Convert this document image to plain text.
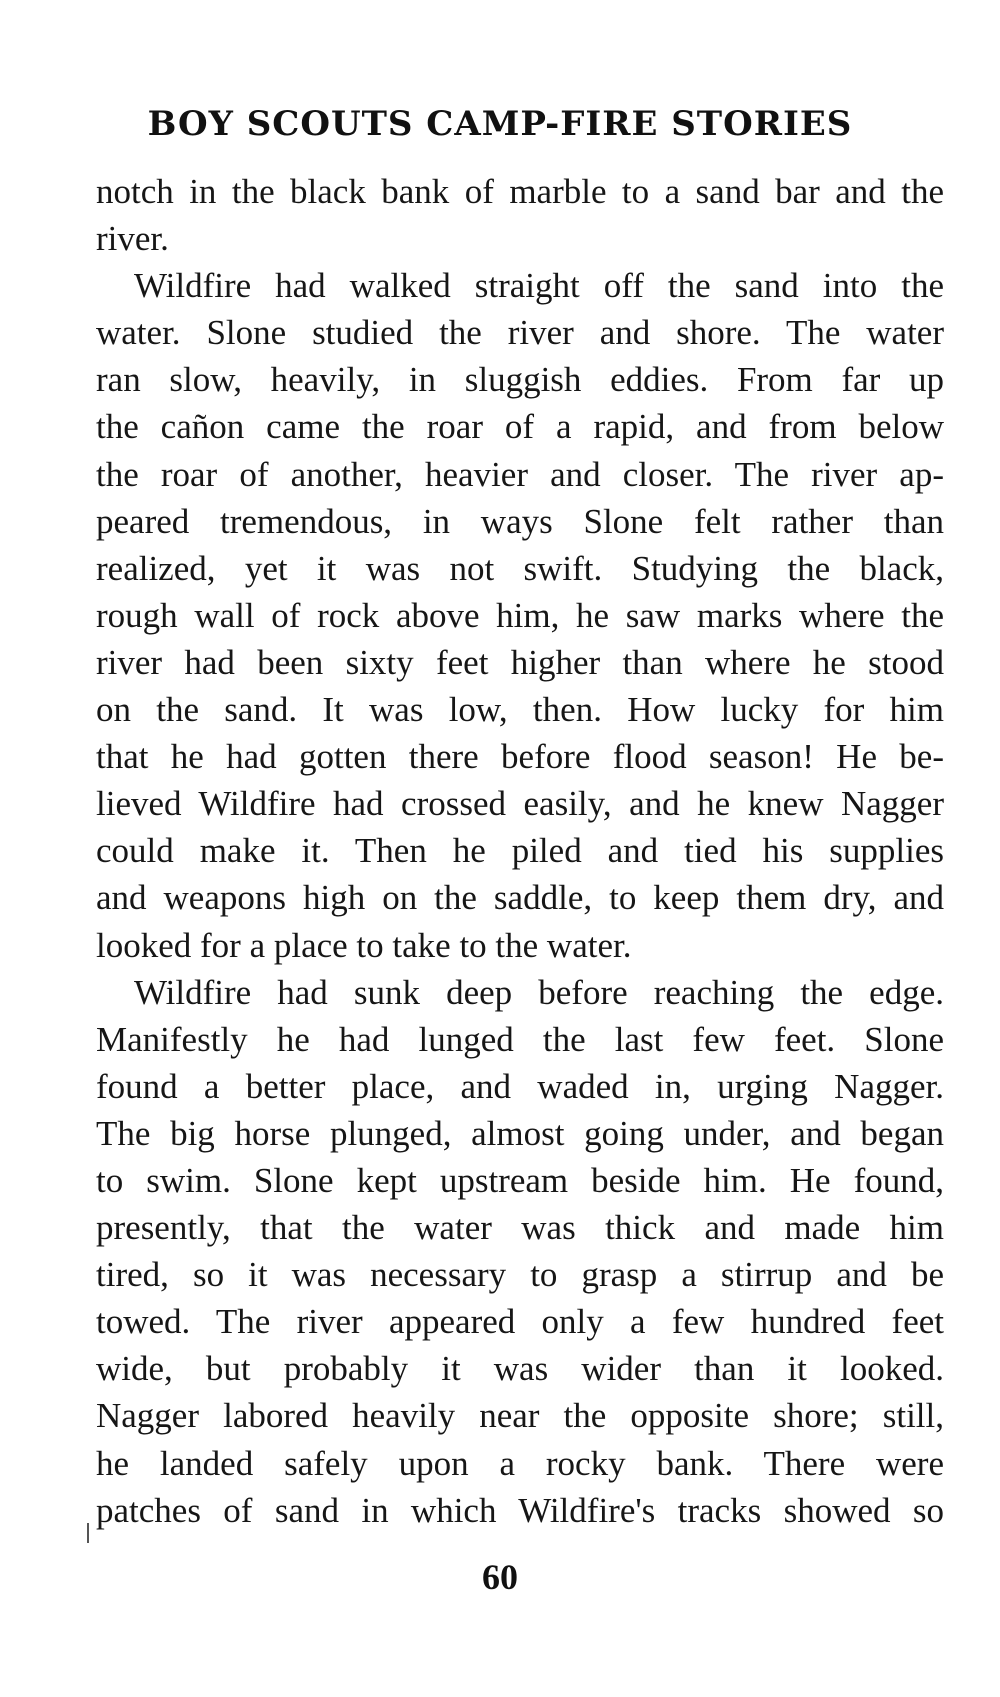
BOY SCOUTS CAMP-FIRE STORIES
notch in the black bank of marble to a sand bar and the
river.
Wildfire had walked straight off the sand into the
water. Slone studied the river and shore. The water
ran slow, heavily, in sluggish eddies. From far up
the cañon came the roar of a rapid, and from below
the roar of another, heavier and closer. The river ap-
peared tremendous, in ways Slone felt rather than
realized, yet it was not swift. Studying the black,
rough wall of rock above him, he saw marks where the
river had been sixty feet higher than where he stood
on the sand. It was low, then. How lucky for him
that he had gotten there before flood season! He be-
lieved Wildfire had crossed easily, and he knew Nagger
could make it. Then he piled and tied his supplies
and weapons high on the saddle, to keep them dry, and
looked for a place to take to the water.
Wildfire had sunk deep before reaching the edge.
Manifestly he had lunged the last few feet. Slone
found a better place, and waded in, urging Nagger.
The big horse plunged, almost going under, and began
to swim. Slone kept upstream beside him. He found,
presently, that the water was thick and made him
tired, so it was necessary to grasp a stirrup and be
towed. The river appeared only a few hundred feet
wide, but probably it was wider than it looked.
Nagger labored heavily near the opposite shore; still,
he landed safely upon a rocky bank. There were
patches of sand in which Wildfire's tracks showed so
60
